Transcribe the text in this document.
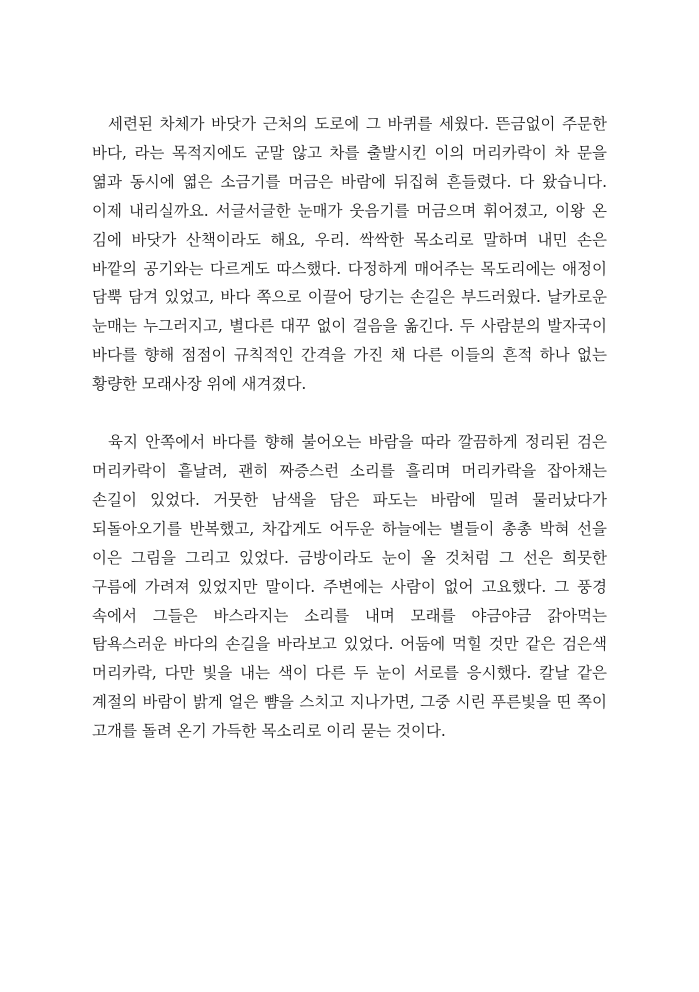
세련된 차체가 바닷가 근처의 도로에 그 바퀴를 세웠다. 뜬금없이 주문한 바다, 라는 목적지에도 군말 않고 차를 출발시킨 이의 머리카락이 차 문을 엶과 동시에 엷은 소금기를 머금은 바람에 뒤집혀 흔들렸다. 다 왔습니다. 이제 내리실까요. 서글서글한 눈매가 웃음기를 머금으며 휘어졌고, 이왕 온 김에 바닷가 산책이라도 해요, 우리. 싹싹한 목소리로 말하며 내민 손은 바깥의 공기와는 다르게도 따스했다. 다정하게 매어주는 목도리에는 애정이 담뿍 담겨 있었고, 바다 쪽으로 이끌어 당기는 손길은 부드러웠다. 날카로운 눈매는 누그러지고, 별다른 대꾸 없이 걸음을 옮긴다. 두 사람분의 발자국이 바다를 향해 점점이 규칙적인 간격을 가진 채 다른 이들의 흔적 하나 없는 황량한 모래사장 위에 새겨졌다.

육지 안쪽에서 바다를 향해 불어오는 바람을 따라 깔끔하게 정리된 검은 머리카락이 흩날려, 괜히 짜증스런 소리를 흘리며 머리카락을 잡아채는 손길이 있었다. 거뭇한 남색을 담은 파도는 바람에 밀려 물러났다가 되돌아오기를 반복했고, 차갑게도 어두운 하늘에는 별들이 총총 박혀 선을 이은 그림을 그리고 있었다. 금방이라도 눈이 올 것처럼 그 선은 희뭇한 구름에 가려져 있었지만 말이다. 주변에는 사람이 없어 고요했다. 그 풍경 속에서 그들은 바스라지는 소리를 내며 모래를 야금야금 갉아먹는 탐욕스러운 바다의 손길을 바라보고 있었다. 어둠에 먹힐 것만 같은 검은색 머리카락, 다만 빛을 내는 색이 다른 두 눈이 서로를 응시했다. 칼날 같은 계절의 바람이 밝게 얼은 뺨을 스치고 지나가면, 그중 시린 푸른빛을 띤 쪽이 고개를 돌려 온기 가득한 목소리로 이리 묻는 것이다.
